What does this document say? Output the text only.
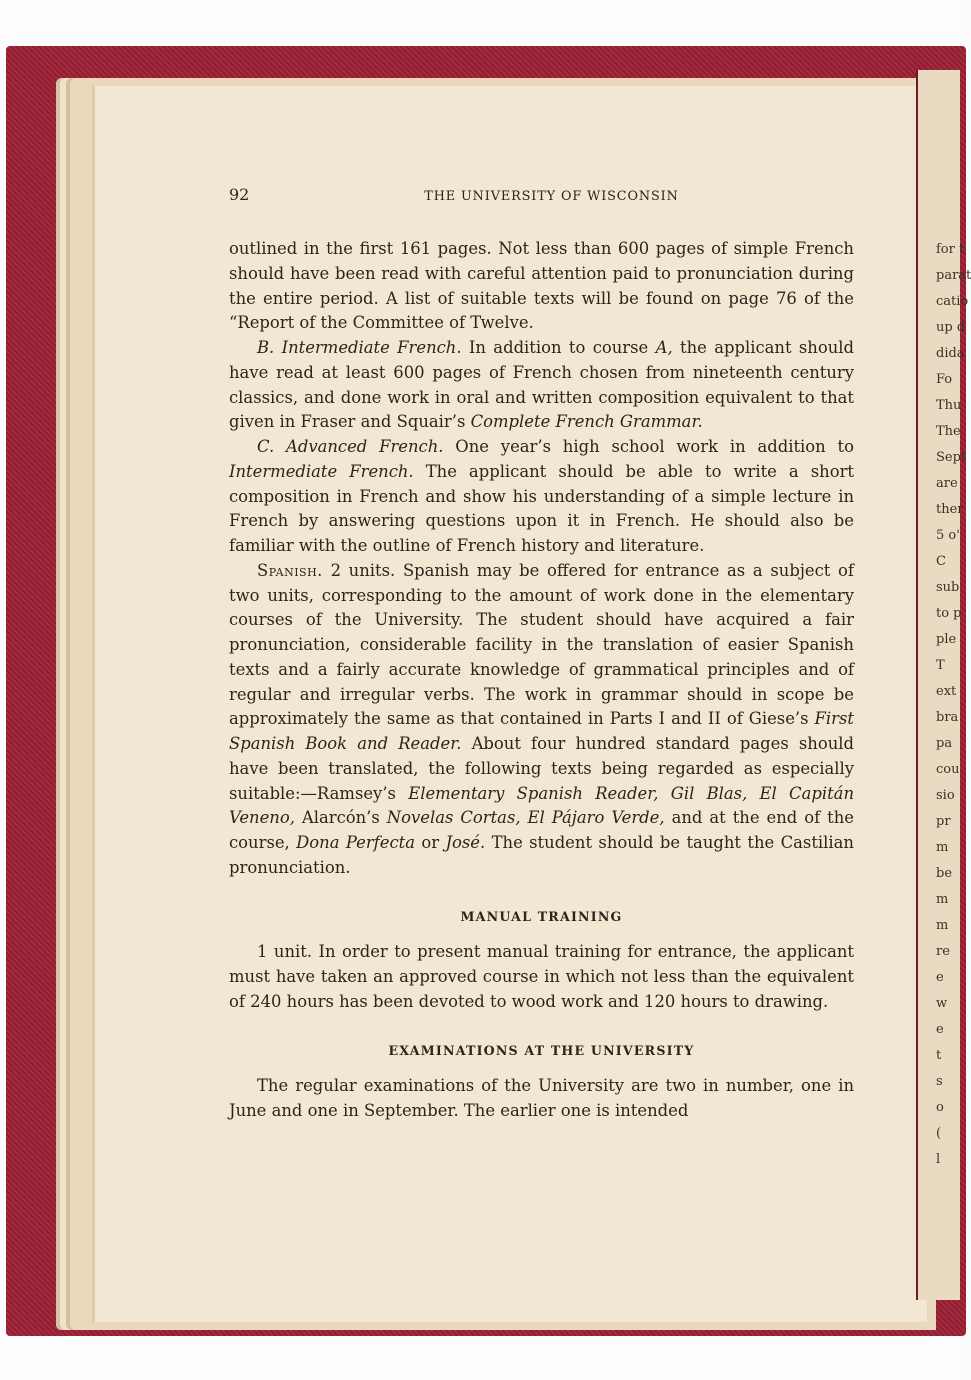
for t
parat
catio
up d
dida
Fo
Thu
The
Sept
are
ther
5 o'
C
sub
to p
ple
T
ext
bra
pa
cou
sio
pr
m
be
m
m
re
e
w
e
t
s
o
(
l
92	THE UNIVERSITY OF WISCONSIN

outlined in the first 161 pages. Not less than 600 pages of simple French should have been read with careful attention paid to pronunciation during the entire period. A list of suitable texts will be found on page 76 of the “Report of the Committee of Twelve.

B. Intermediate French. In addition to course A, the applicant should have read at least 600 pages of French chosen from nineteenth century classics, and done work in oral and written composition equivalent to that given in Fraser and Squair’s Complete French Grammar.

C. Advanced French. One year’s high school work in addition to Intermediate French. The applicant should be able to write a short composition in French and show his understanding of a simple lecture in French by answering questions upon it in French. He should also be familiar with the outline of French history and literature.

Spanish. 2 units. Spanish may be offered for entrance as a subject of two units, corresponding to the amount of work done in the elementary courses of the University. The student should have acquired a fair pronunciation, considerable facility in the translation of easier Spanish texts and a fairly accurate knowledge of grammatical principles and of regular and irregular verbs. The work in grammar should in scope be approximately the same as that contained in Parts I and II of Giese’s First Spanish Book and Reader. About four hundred standard pages should have been translated, the following texts being regarded as especially suitable:—Ramsey’s Elementary Spanish Reader, Gil Blas, El Capitán Veneno, Alarcón’s Novelas Cortas, El Pájaro Verde, and at the end of the course, Dona Perfecta or José. The student should be taught the Castilian pronunciation.

MANUAL TRAINING

1 unit. In order to present manual training for entrance, the applicant must have taken an approved course in which not less than the equivalent of 240 hours has been devoted to wood work and 120 hours to drawing.

EXAMINATIONS AT THE UNIVERSITY

The regular examinations of the University are two in number, one in June and one in September. The earlier one is intended
